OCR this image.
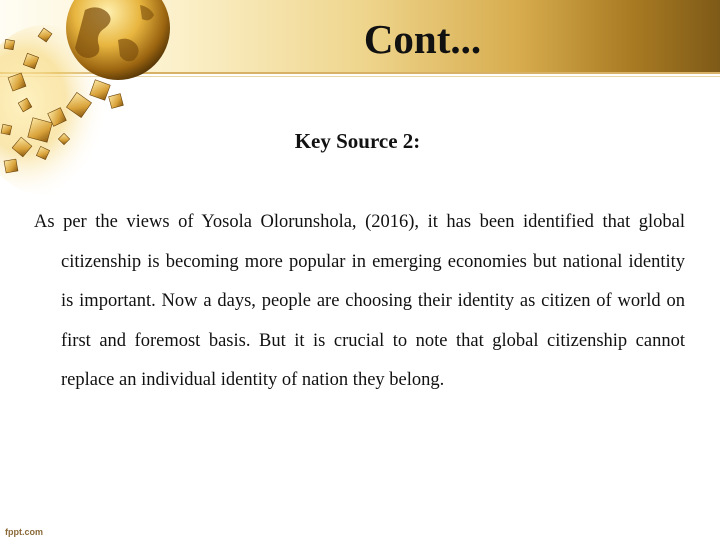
Cont...
Key Source 2:

As per the views of Yosola Olorunshola, (2016), it has been identified that global citizenship is becoming more popular in emerging economies but national identity is important. Now a days, people are choosing their identity as citizen of world on first and foremost basis. But it is crucial to note that global citizenship cannot replace an individual identity of nation they belong.

fppt.com
